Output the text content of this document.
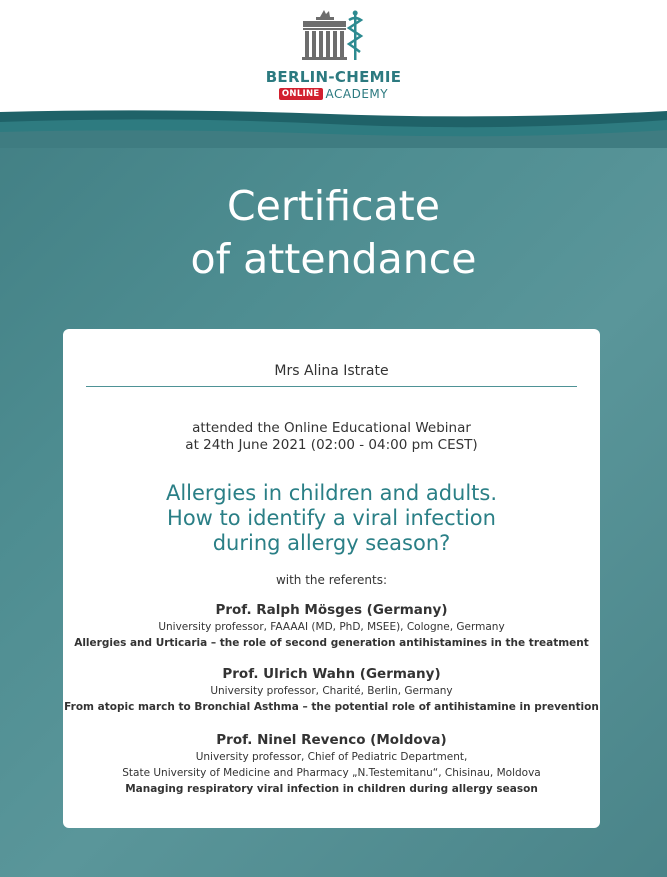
BERLIN-CHEMIE
ONLINE ACADEMY
Certificate
of attendance
Mrs Alina Istrate
attended the Online Educational Webinar
at 24th June 2021 (02:00 - 04:00 pm CEST)
Allergies in children and adults.
How to identify a viral infection
during allergy season?
with the referents:
Prof. Ralph Mösges (Germany)
University professor, FAAAAI (MD, PhD, MSEE), Cologne, Germany
Allergies and Urticaria – the role of second generation antihistamines in the treatment
Prof. Ulrich Wahn (Germany)
University professor, Charité, Berlin, Germany
From atopic march to Bronchial Asthma – the potential role of antihistamine in prevention
Prof. Ninel Revenco (Moldova)
University professor, Chief of Pediatric Department,
State University of Medicine and Pharmacy „N.Testemitanu“, Chisinau, Moldova
Managing respiratory viral infection in children during allergy season
